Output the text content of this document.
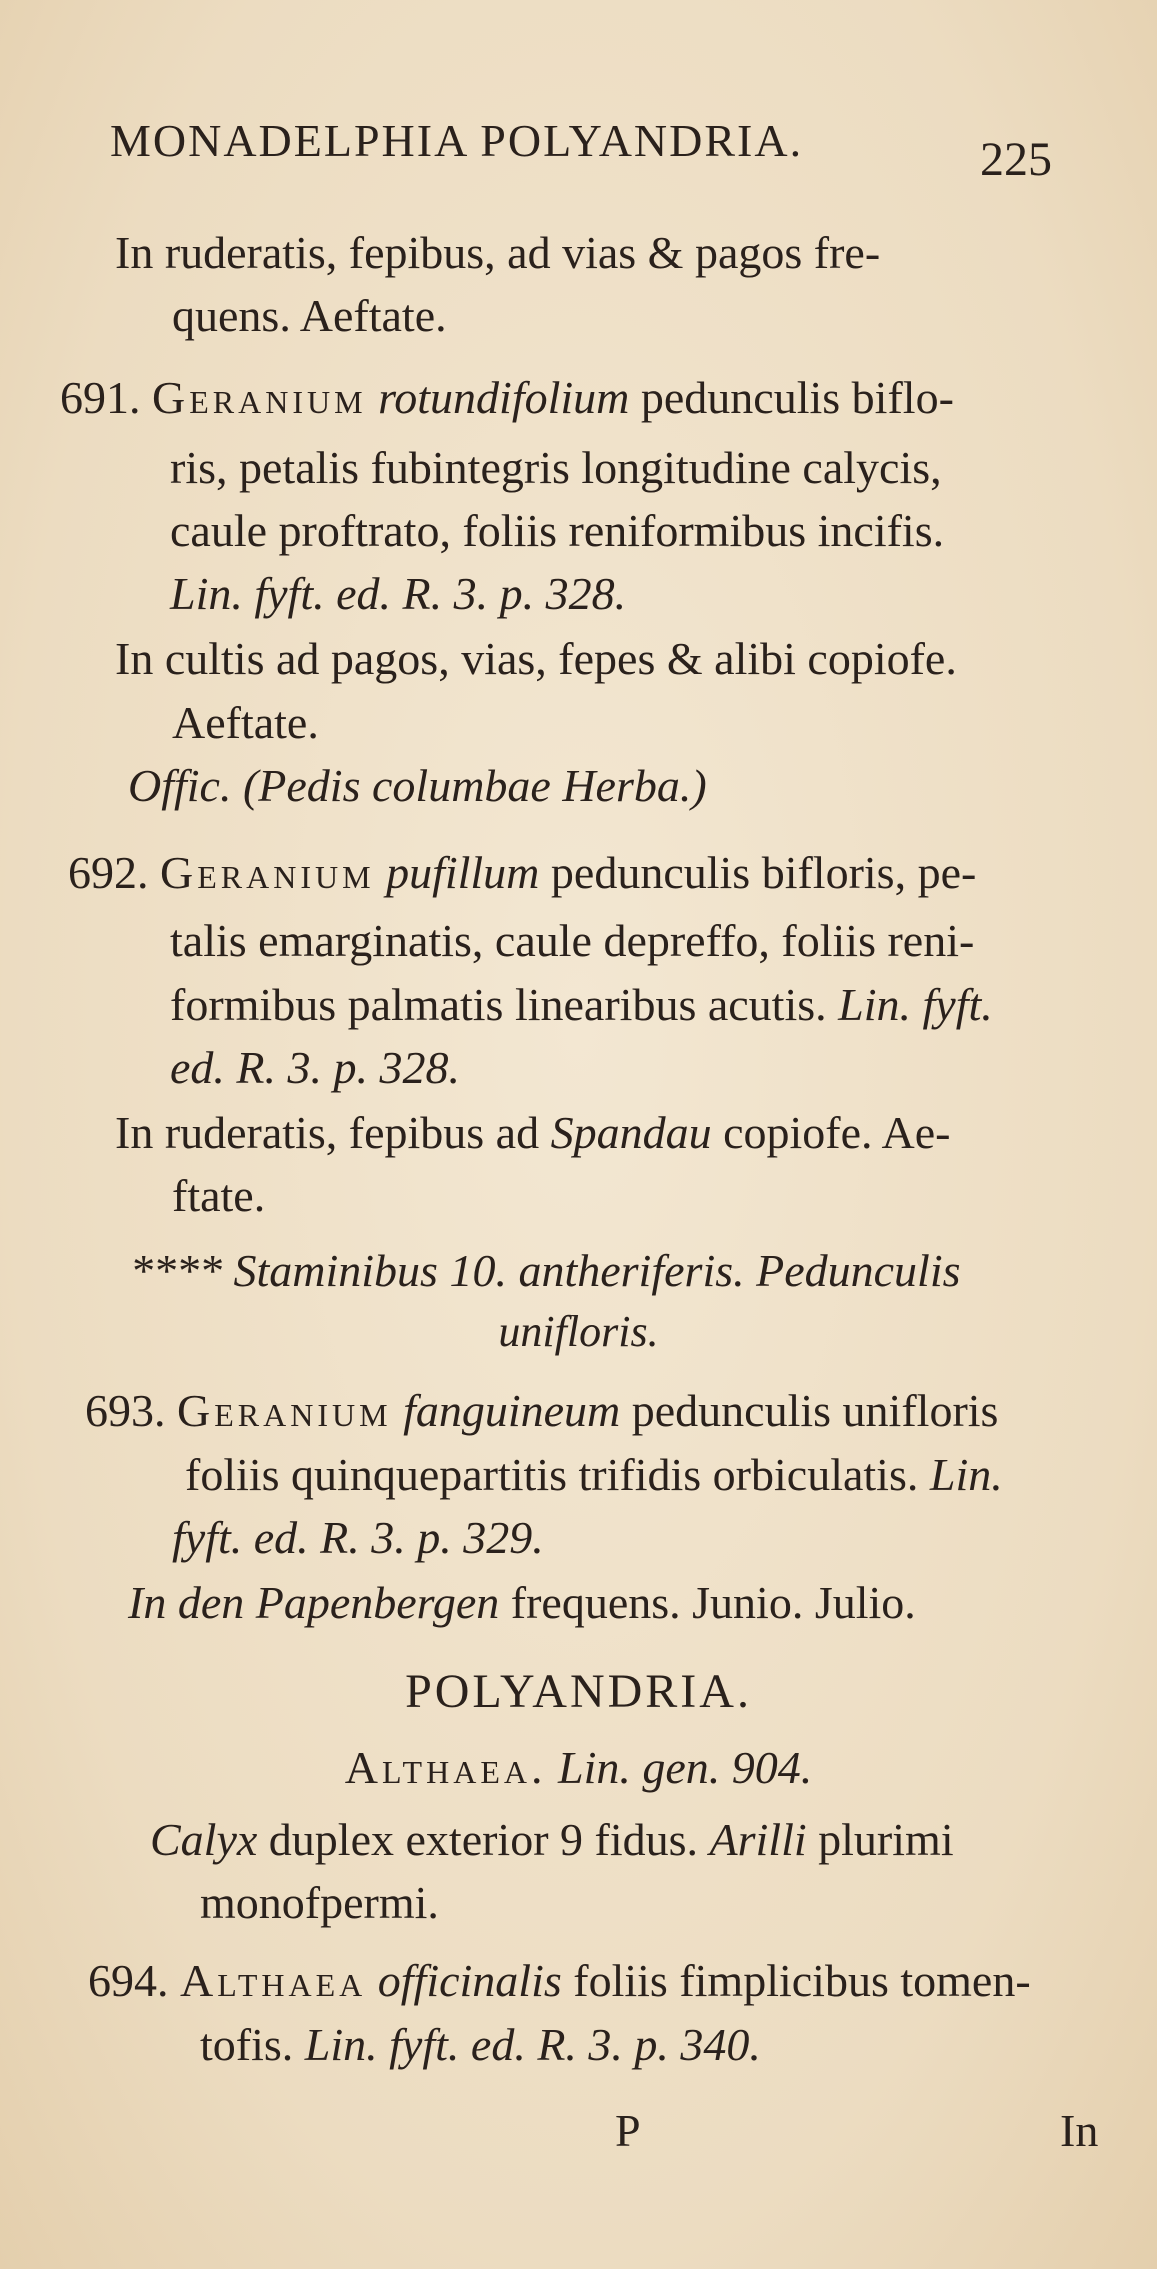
MONADELPHIA POLYANDRIA.	225
In ruderatis, fepibus, ad vias & pagos fre-
quens. Aeftate.
691. Geranium rotundifolium pedunculis biflo-
ris, petalis fubintegris longitudine calycis,
caule proftrato, foliis reniformibus incifis.
Lin. fyft. ed. R. 3. p. 328.
In cultis ad pagos, vias, fepes & alibi copiofe.
Aeftate.
Offic. (Pedis columbae Herba.)
692. Geranium pufillum pedunculis bifloris, pe-
talis emarginatis, caule depreffo, foliis reni-
formibus palmatis linearibus acutis. Lin. fyft.
ed. R. 3. p. 328.
In ruderatis, fepibus ad Spandau copiofe. Ae-
ftate.
**** Staminibus 10. antheriferis. Pedunculis
unifloris.
693. Geranium fanguineum pedunculis unifloris
foliis quinquepartitis trifidis orbiculatis. Lin.
fyft. ed. R. 3. p. 329.
In den Papenbergen frequens. Junio. Julio.
POLYANDRIA.
Althaea. Lin. gen. 904.
Calyx duplex exterior 9 fidus. Arilli plurimi
monofpermi.
694. Althaea officinalis foliis fimplicibus tomen-
tofis. Lin. fyft. ed. R. 3. p. 340.
P	In
